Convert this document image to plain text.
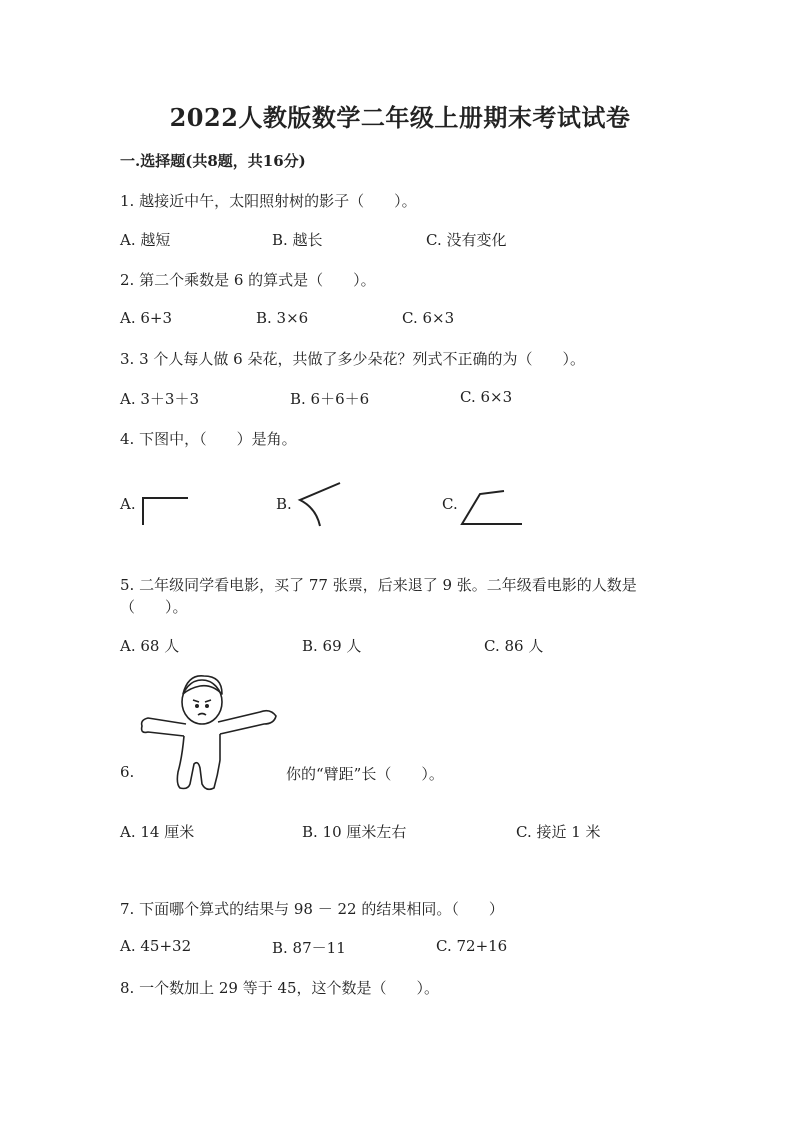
2022人教版数学二年级上册期末考试试卷
一.选择题(共8题，共16分)
1. 越接近中午，太阳照射树的影子（　　）。
A. 越短	B. 越长	C. 没有变化
2. 第二个乘数是 6 的算式是（　　）。
A. 6+3	B. 3×6	C. 6×3
3. 3 个人每人做 6 朵花，共做了多少朵花？列式不正确的为（　　）。
A. 3＋3＋3	B. 6＋6＋6	C. 6×3
4. 下图中，（　　）是角。
A.	B.	C.
5. 二年级同学看电影，买了 77 张票，后来退了 9 张。二年级看电影的人数是
（　　）。
A. 68 人	B. 69 人	C. 86 人
6.	你的“臂距”长（　　）。
A. 14 厘米	B. 10 厘米左右	C. 接近 1 米
7. 下面哪个算式的结果与 98 － 22 的结果相同。（　　）
A. 45+32	B. 87－11	C. 72+16
8. 一个数加上 29 等于 45，这个数是（　　）。
